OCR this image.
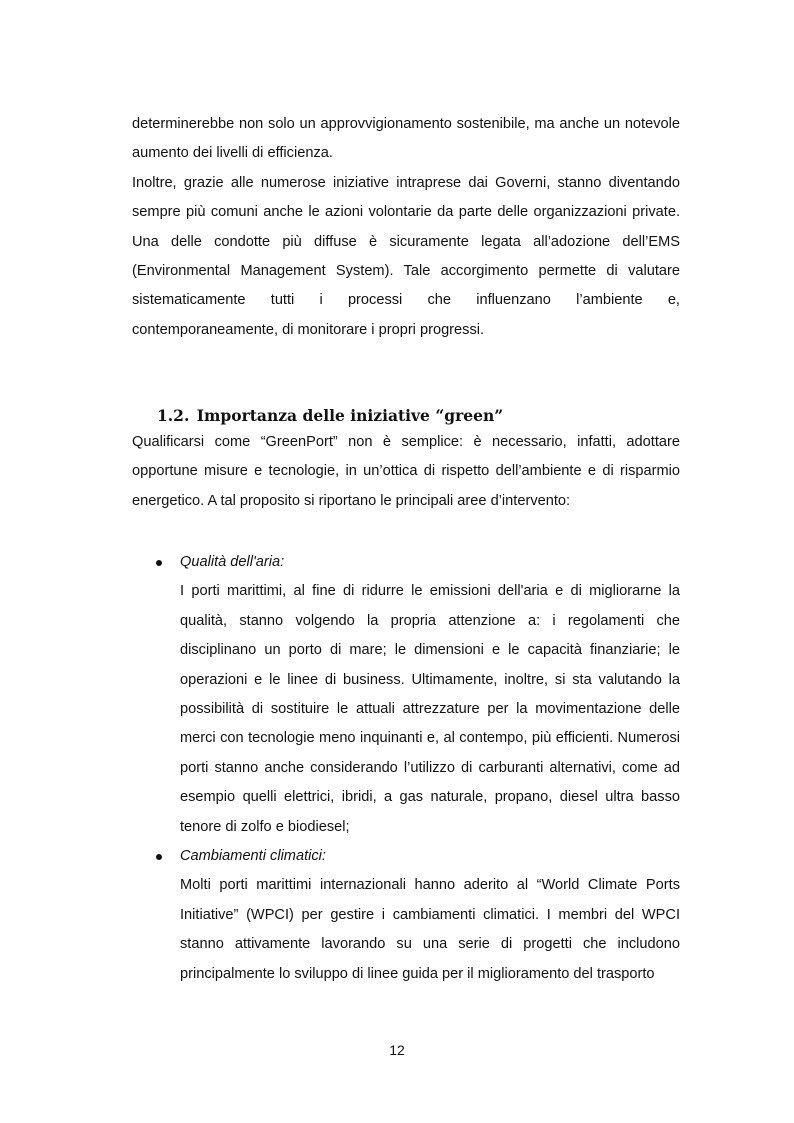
determinerebbe non solo un approvvigionamento sostenibile, ma anche un notevole aumento dei livelli di efficienza.

Inoltre, grazie alle numerose iniziative intraprese dai Governi, stanno diventando sempre più comuni anche le azioni volontarie da parte delle organizzazioni private. Una delle condotte più diffuse è sicuramente legata all’adozione dell’EMS (Environmental Management System). Tale accorgimento permette di valutare sistematicamente tutti i processi che influenzano l’ambiente e, contemporaneamente, di monitorare i propri progressi.

1.2. Importanza delle iniziative “green”

Qualificarsi come “GreenPort” non è semplice: è necessario, infatti, adottare opportune misure e tecnologie, in un’ottica di rispetto dell’ambiente e di risparmio energetico. A tal proposito si riportano le principali aree d’intervento:

Qualità dell'aria:
I porti marittimi, al fine di ridurre le emissioni dell'aria e di migliorarne la qualità, stanno volgendo la propria attenzione a: i regolamenti che disciplinano un porto di mare; le dimensioni e le capacità finanziarie; le operazioni e le linee di business. Ultimamente, inoltre, si sta valutando la possibilità di sostituire le attuali attrezzature per la movimentazione delle merci con tecnologie meno inquinanti e, al contempo, più efficienti. Numerosi porti stanno anche considerando l’utilizzo di carburanti alternativi, come ad esempio quelli elettrici, ibridi, a gas naturale, propano, diesel ultra basso tenore di zolfo e biodiesel;
Cambiamenti climatici:
Molti porti marittimi internazionali hanno aderito al “World Climate Ports Initiative” (WPCI) per gestire i cambiamenti climatici. I membri del WPCI stanno attivamente lavorando su una serie di progetti che includono principalmente lo sviluppo di linee guida per il miglioramento del trasporto
12
